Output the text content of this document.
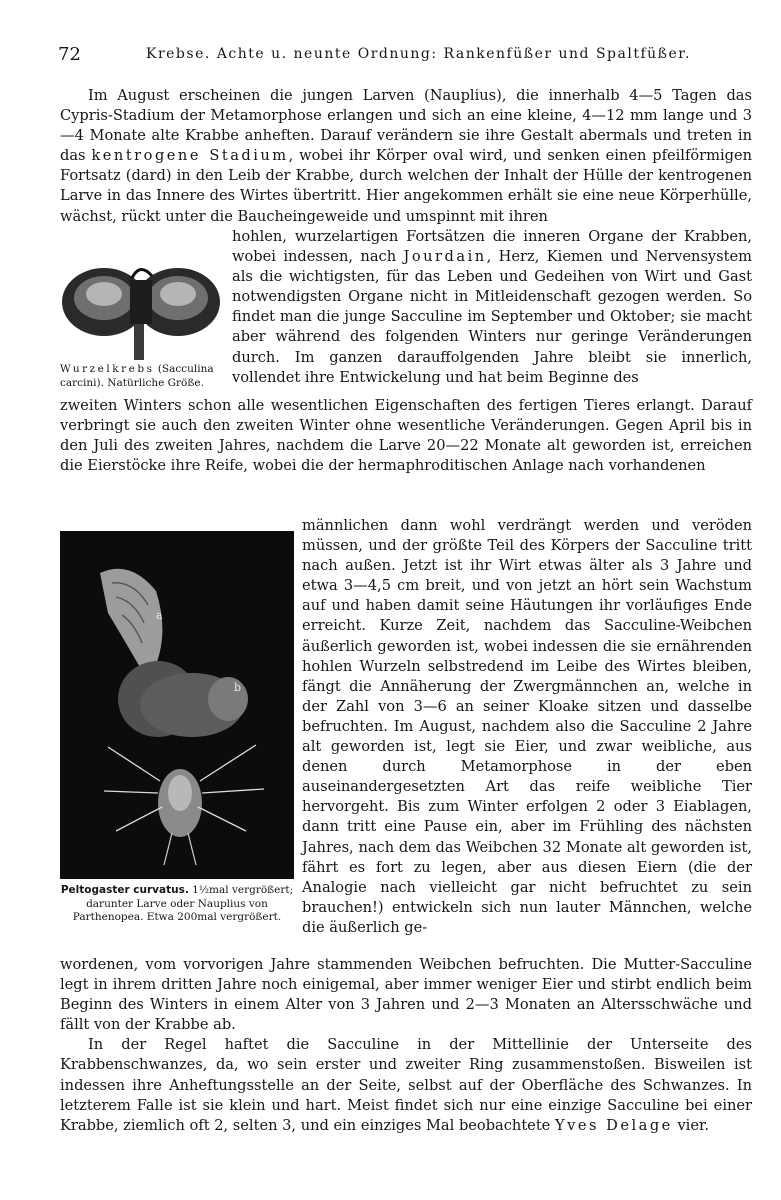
72	Krebse. Achte u. neunte Ordnung: Rankenfüßer und Spaltfüßer.

Im August erscheinen die jungen Larven (Nauplius), die innerhalb 4—5 Tagen das Cypris-Stadium der Metamorphose erlangen und sich an eine kleine, 4—12 mm lange und 3—4 Monate alte Krabbe anheften. Darauf verändern sie ihre Gestalt abermals und treten in das kentrogene Stadium, wobei ihr Körper oval wird, und senken einen pfeilförmigen Fortsatz (dard) in den Leib der Krabbe, durch welchen der Inhalt der Hülle der kentrogenen Larve in das Innere des Wirtes übertritt. Hier angekommen erhält sie eine neue Körperhülle, wächst, rückt unter die Baucheingeweide und umspinnt mit ihren

hohlen, wurzelartigen Fortsätzen die inneren Organe der Krabben, wobei indessen, nach Jourdain, Herz, Kiemen und Nervensystem als die wichtigsten, für das Leben und Gedeihen von Wirt und Gast notwendigsten Organe nicht in Mitleidenschaft gezogen werden. So findet man die junge Sacculine im September und Oktober; sie macht aber während des folgenden Winters nur geringe Veränderungen durch. Im ganzen darauffolgenden Jahre bleibt sie innerlich, vollendet ihre Entwickelung und hat beim Beginne des

Wurzelkrebs (Sacculina carcini). Natürliche Größe.

zweiten Winters schon alle wesentlichen Eigenschaften des fertigen Tieres erlangt. Darauf verbringt sie auch den zweiten Winter ohne wesentliche Veränderungen. Gegen April bis in den Juli des zweiten Jahres, nachdem die Larve 20—22 Monate alt geworden ist, erreichen die Eierstöcke ihre Reife, wobei die der hermaphroditischen Anlage nach vorhandenen

a
b
Peltogaster curvatus. 1½mal vergrößert; darunter Larve oder Nauplius von Parthenopea. Etwa 200mal vergrößert.

männlichen dann wohl verdrängt werden und veröden müssen, und der größte Teil des Körpers der Sacculine tritt nach außen. Jetzt ist ihr Wirt etwas älter als 3 Jahre und etwa 3—4,5 cm breit, und von jetzt an hört sein Wachstum auf und haben damit seine Häutungen ihr vorläufiges Ende erreicht. Kurze Zeit, nachdem das Sacculine-Weibchen äußerlich geworden ist, wobei indessen die sie ernährenden hohlen Wurzeln selbstredend im Leibe des Wirtes bleiben, fängt die Annäherung der Zwergmännchen an, welche in der Zahl von 3—6 an seiner Kloake sitzen und dasselbe befruchten. Im August, nachdem also die Sacculine 2 Jahre alt geworden ist, legt sie Eier, und zwar weibliche, aus denen durch Metamorphose in der eben auseinandergesetzten Art das reife weibliche Tier hervorgeht. Bis zum Winter erfolgen 2 oder 3 Eiablagen, dann tritt eine Pause ein, aber im Frühling des nächsten Jahres, nach dem das Weibchen 32 Monate alt geworden ist, fährt es fort zu legen, aber aus diesen Eiern (die der Analogie nach vielleicht gar nicht befruchtet zu sein brauchen!) entwickeln sich nun lauter Männchen, welche die äußerlich ge-

wordenen, vom vorvorigen Jahre stammenden Weibchen befruchten. Die Mutter-Sacculine legt in ihrem dritten Jahre noch einigemal, aber immer weniger Eier und stirbt endlich beim Beginn des Winters in einem Alter von 3 Jahren und 2—3 Monaten an Altersschwäche und fällt von der Krabbe ab.

In der Regel haftet die Sacculine in der Mittellinie der Unterseite des Krabbenschwanzes, da, wo sein erster und zweiter Ring zusammenstoßen. Bisweilen ist indessen ihre Anheftungsstelle an der Seite, selbst auf der Oberfläche des Schwanzes. In letzterem Falle ist sie klein und hart. Meist findet sich nur eine einzige Sacculine bei einer Krabbe, ziemlich oft 2, selten 3, und ein einziges Mal beobachtete Yves Delage vier.
